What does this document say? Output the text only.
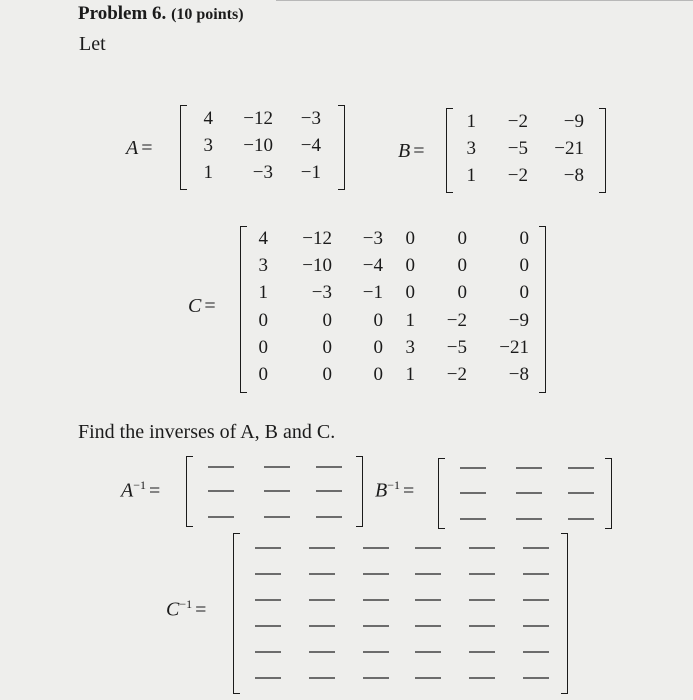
Problem 6. (10 points)
Let
A =
4	−12	−3
3	−10	−4
1	−3	−1
B =
1	−2	−9
3	−5	−21
1	−2	−8
C =
4	−12	−3	0	0	0
3	−10	−4	0	0	0
1	−3	−1	0	0	0
0	0	0	1	−2	−9
0	0	0	3	−5	−21
0	0	0	1	−2	−8
Find the inverses of A, B and C.
$A^{-1}$ =	$B^{-1}$ =
$C^{-1}$ =
